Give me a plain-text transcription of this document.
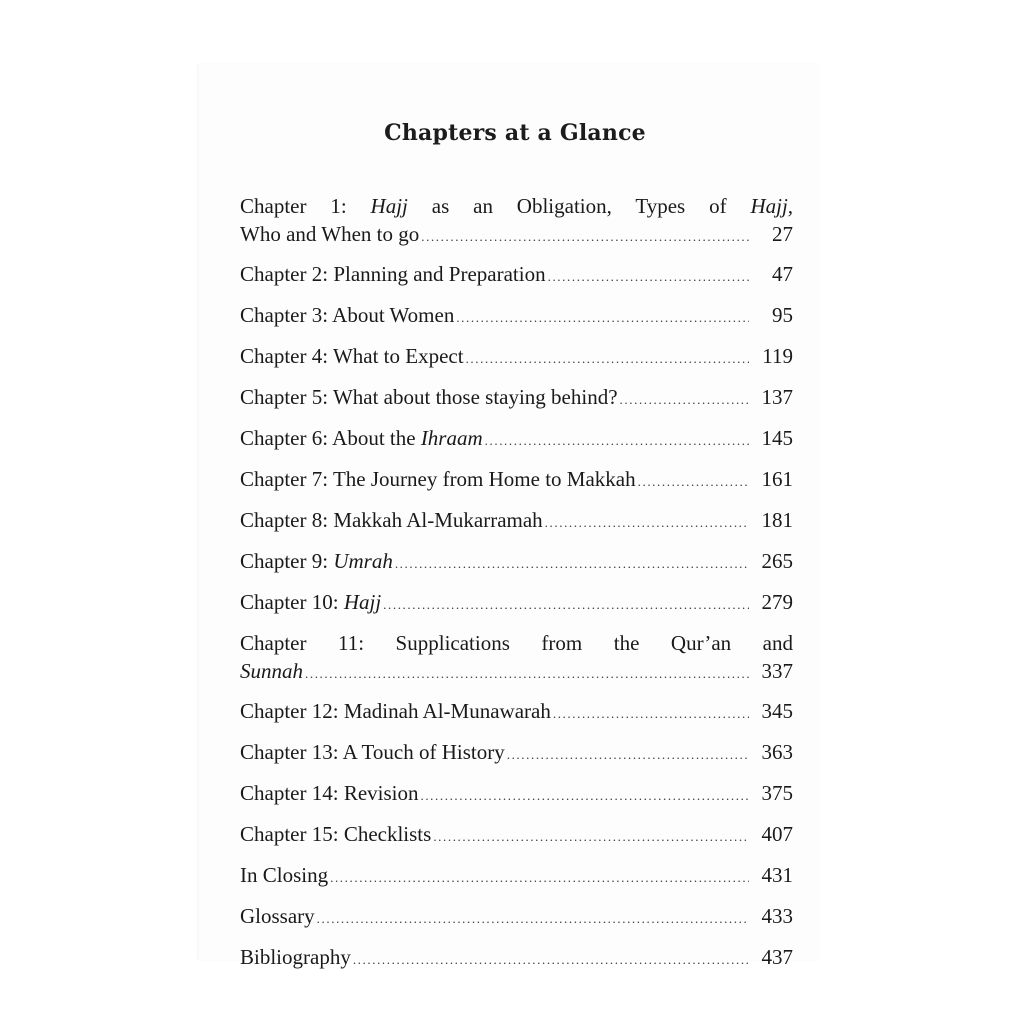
Chapters at a Glance
Chapter 1: Hajj as an Obligation, Types of Hajj,
Who and When to go .....	27
Chapter 2: Planning and Preparation .....	47
Chapter 3: About Women .....	95
Chapter 4: What to Expect .....	119
Chapter 5: What about those staying behind? .....	137
Chapter 6: About the Ihraam .....	145
Chapter 7: The Journey from Home to Makkah .....	161
Chapter 8: Makkah Al-Mukarramah .....	181
Chapter 9: Umrah .....	265
Chapter 10: Hajj .....	279
Chapter 11: Supplications from the Qur’an and
Sunnah .....	337
Chapter 12: Madinah Al-Munawarah .....	345
Chapter 13: A Touch of History .....	363
Chapter 14: Revision .....	375
Chapter 15: Checklists .....	407
In Closing .....	431
Glossary .....	433
Bibliography .....	437
